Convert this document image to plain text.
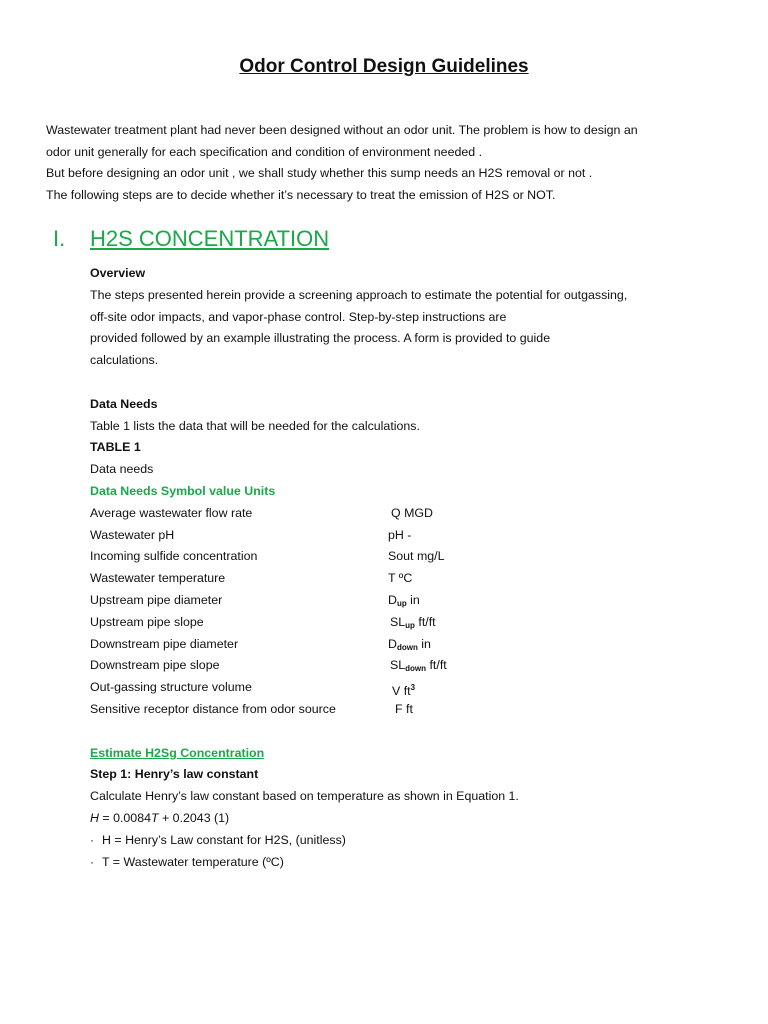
Odor Control Design Guidelines
Wastewater treatment plant had never been designed without an odor unit. The problem is how to design an
odor unit generally for each specification and condition of environment needed .
But before designing an odor unit , we shall study whether this sump needs an H2S removal or not .
The following steps are to decide whether it’s necessary to treat the emission of H2S or NOT.
I. H2S CONCENTRATION
Overview
The steps presented herein provide a screening approach to estimate the potential for outgassing,
off-site odor impacts, and vapor-phase control. Step-by-step instructions are
provided followed by an example illustrating the process. A form is provided to guide
calculations.
Data Needs
Table 1 lists the data that will be needed for the calculations.
TABLE 1
Data needs
Data Needs Symbol value Units
Average wastewater flow rate	Q MGD
Wastewater pH	pH -
Incoming sulfide concentration	Sout mg/L
Wastewater temperature	T ºC
Upstream pipe diameter	$D_{up}$ in
Upstream pipe slope	$SL_{up}$ ft/ft
Downstream pipe diameter	$D_{down}$ in
Downstream pipe slope	$SL_{down}$ ft/ft
Out-gassing structure volume	V $ft^3$
Sensitive receptor distance from odor source	F ft
Estimate H2Sg Concentration
Step 1: Henry’s law constant
Calculate Henry’s law constant based on temperature as shown in Equation 1.
H = 0.0084T + 0.2043 (1)
· H = Henry’s Law constant for H2S, (unitless)
· T = Wastewater temperature (ºC)
